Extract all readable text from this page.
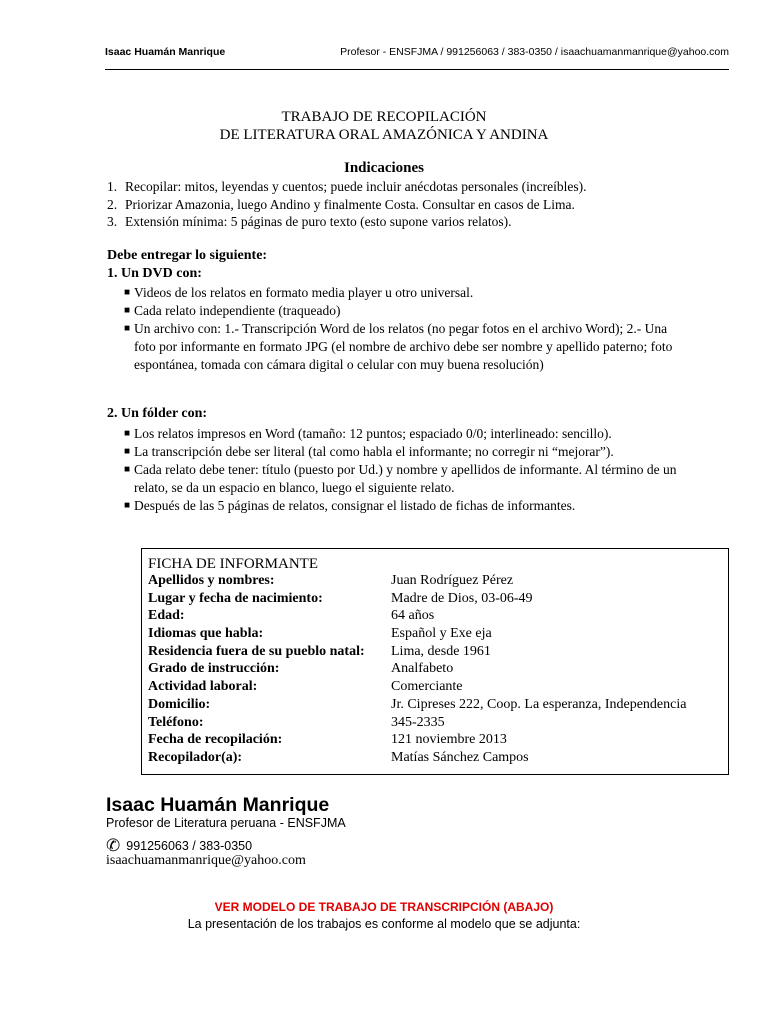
Isaac Huamán Manrique	Profesor - ENSFJMA / 991256063 / 383-0350 / isaachuamanmanrique@yahoo.com
TRABAJO DE RECOPILACIÓN
DE LITERATURA ORAL AMAZÓNICA Y ANDINA
Indicaciones
1. Recopilar: mitos, leyendas y cuentos; puede incluir anécdotas personales (increíbles).
2. Priorizar Amazonia, luego Andino y finalmente Costa. Consultar en casos de Lima.
3. Extensión mínima: 5 páginas de puro texto (esto supone varios relatos).
Debe entregar lo siguiente:
1. Un DVD con:
■ Videos de los relatos en formato media player u otro universal.
■ Cada relato independiente (traqueado)
■ Un archivo con: 1.- Transcripción Word de los relatos (no pegar fotos en el archivo Word); 2.- Una foto por informante en formato JPG (el nombre de archivo debe ser nombre y apellido paterno; foto espontánea, tomada con cámara digital o celular con muy buena resolución)
2. Un fólder con:
■ Los relatos impresos en Word (tamaño: 12 puntos; espaciado 0/0; interlineado: sencillo).
■ La transcripción debe ser literal (tal como habla el informante; no corregir ni “mejorar”).
■ Cada relato debe tener: título (puesto por Ud.) y nombre y apellidos de informante. Al término de un relato, se da un espacio en blanco, luego el siguiente relato.
■ Después de las 5 páginas de relatos, consignar el listado de fichas de informantes.
FICHA DE INFORMANTE
Apellidos y nombres:	Juan Rodríguez Pérez
Lugar y fecha de nacimiento:	Madre de Dios, 03-06-49
Edad:	64 años
Idiomas que habla:	Español y Exe eja
Residencia fuera de su pueblo natal: Lima, desde 1961
Grado de instrucción:	Analfabeto
Actividad laboral:	Comerciante
Domicilio:	Jr. Cipreses 222, Coop. La esperanza, Independencia
Teléfono:	345-2335
Fecha de recopilación:	121 noviembre 2013
Recopilador(a):	Matías Sánchez Campos
Isaac Huamán Manrique
Profesor de Literatura peruana - ENSFJMA
✆ 991256063 / 383-0350
isaachuamanmanrique@yahoo.com
VER MODELO DE TRABAJO DE TRANSCRIPCIÓN (ABAJO)
La presentación de los trabajos es conforme al modelo que se adjunta:
